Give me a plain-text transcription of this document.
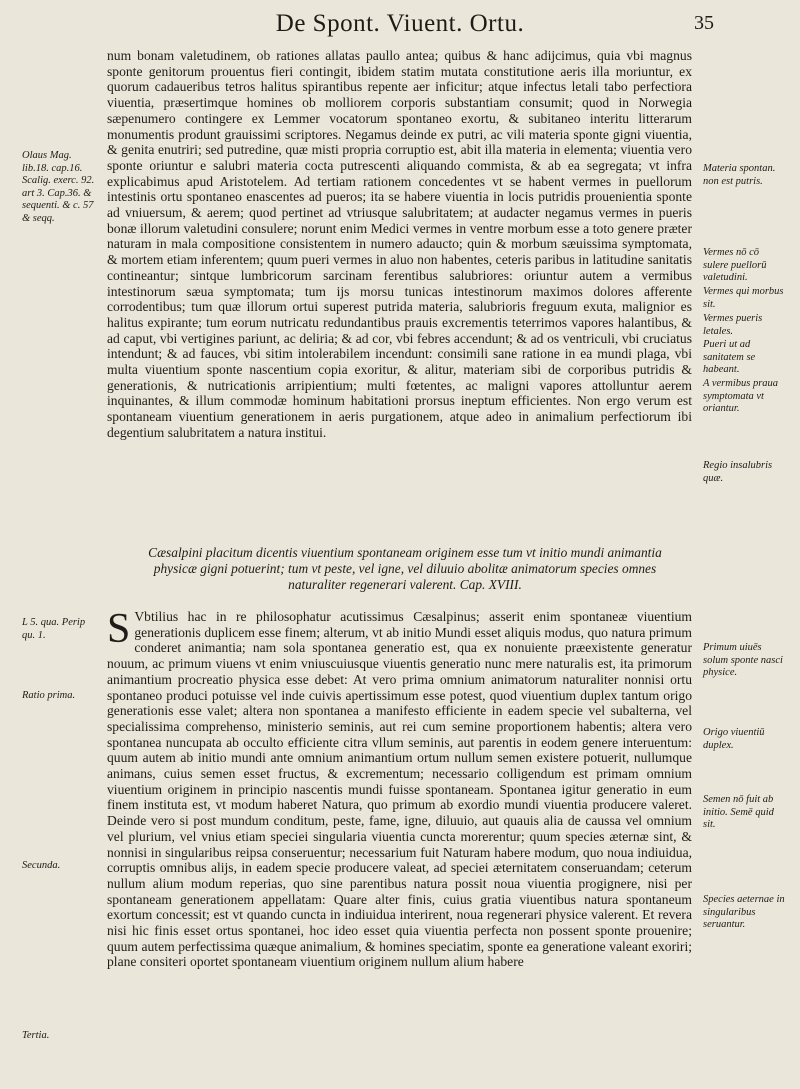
De Spont. Viuent. Ortu.	35

num bonam valetudinem, ob rationes allatas paullo antea; quibus & hanc adijcimus, quia vbi magnus sponte genitorum prouentus fieri contingit, ibidem statim mutata constitutione aeris illa moriuntur, ex quorum cadaueribus tetros halitus spirantibus repente aer inficitur; atque infectus letali tabo perfectiora viuentia, præsertimque homines ob molliorem corporis substantiam consumit; quod in Norwegia sæpenumero contingere ex Lemmer vocatorum spontaneo exortu, & subitaneo interitu litterarum monumentis produnt grauissimi scriptores. Negamus deinde ex putri, ac vili materia sponte gigni viuentia, & genita enutriri; sed putredine, quæ misti propria corruptio est, abit illa materia in elementa; viuentia vero sponte oriuntur e salubri materia cocta putrescenti aliquando commista, & ab ea segregata; vt infra explicabimus apud Aristotelem. Ad tertiam rationem concedentes vt se habent vermes in puellorum intestinis ortu spontaneo enascentes ad pueros; ita se habere viuentia in locis putridis prouenientia sponte ad vniuersum, & aerem; quod pertinet ad vtriusque salubritatem; at audacter negamus vermes in pueris bonæ illorum valetudini consulere; norunt enim Medici vermes in ventre morbum esse a toto genere præter naturam in mala compositione consistentem in numero adaucto; quin & morbum sæuissima symptomata, & mortem etiam inferentem; quum pueri vermes in aluo non habentes, ceteris paribus in latitudine sanitatis contineantur; sintque lumbricorum sarcinam ferentibus salubriores: oriuntur autem a vermibus intestinorum sæua symptomata; tum ijs morsu tunicas intestinorum maximos dolores afferente corrodentibus; tum quæ illorum ortui superest putrida materia, salubrioris freguum exuta, malignior es halitus expirante; tum eorum nutricatu redundantibus prauis excrementis teterrimos vapores halantibus, & ad caput, vbi vertigines pariunt, ac deliria; & ad cor, vbi febres accendunt; & ad os ventriculi, vbi cruciatus intendunt; & ad fauces, vbi sitim intolerabilem incendunt: consimili sane ratione in ea mundi plaga, vbi multa viuentium sponte nascentium copia exoritur, & alitur, materiam sibi de corporibus putridis & generationis, & nutricationis arripientium; multi fœtentes, ac maligni vapores attolluntur aerem inquinantes, & illum commodæ hominum habitationi prorsus ineptum efficientes. Non ergo verum est spontaneam viuentium generationem in aeris purgationem, atque adeo in animalium perfectiorum ibi degentium salubritatem a natura institui.

Cæsalpini placitum dicentis viuentium spontaneam originem esse tum vt initio mundi animantia physicæ gigni potuerint; tum vt peste, vel igne, vel diluuio abolitæ animatorum species omnes naturaliter regenerari valerent. Cap. XVIII.
S Vbtilius hac in re philosophatur acutissimus Cæsalpinus; asserit enim spontaneæ viuentium generationis duplicem esse finem; alterum, vt ab initio Mundi esset aliquis modus, quo natura primum conderet animantia; nam sola spontanea generatio est, qua ex nonuiente præexistente generatur nouum, ac primum viuens vt enim vniuscuiusque viuentis generatio nunc mere naturalis est, ita primorum animantium procreatio physica esse debet: At vero prima omnium animatorum naturaliter nonnisi ortu spontaneo produci potuisse vel inde cuivis apertissimum esse potest, quod viuentium duplex tantum origo generationis esse valet; altera non spontanea a manifesto efficiente in eadem specie vel subalterna, vel specialissima comprehenso, ministerio seminis, aut rei cum semine proportionem habentis; altera vero spontanea nuncupata ab occulto efficiente citra vllum seminis, aut parentis in eodem genere interuentum: quum autem ab initio mundi ante omnium animantium ortum nullum semen existere potuerit, nullumque animans, cuius semen esset fructus, & excrementum; necessario colligendum est primam omnium viuentium originem in principio nascentis mundi fuisse spontaneam. Spontanea igitur generatio in eum finem instituta est, vt modum haberet Natura, quo primum ab exordio mundi viuentia producere valeret. Deinde vero si post mundum conditum, peste, fame, igne, diluuio, aut quauis alia de caussa vel omnium vel plurium, vel vnius etiam speciei singularia viuentia cuncta morerentur; quum species æternæ sint, & nonnisi in singularibus reipsa conseruentur; necessarium fuit Naturam habere modum, quo noua indiuidua, corruptis omnibus alijs, in eadem specie producere valeat, ad speciei æternitatem conseruandam; ceterum nullum alium modum reperias, quo sine parentibus natura possit noua viuentia progignere, nisi per spontaneam generationem appellatam: Quare alter finis, cuius gratia viuentibus natura spontaneum exortum concessit; est vt quando cuncta in indiuidua interirent, noua regenerari physice valerent. Et revera nisi hic finis esset ortus spontanei, hoc ideo esset quia viuentia perfecta non possent sponte prouenire; quum autem perfectissima quæque animalium, & homines speciatim, sponte ea generatione valeant exoriri; plane consiteri oportet spontaneam viuentium originem nullum alium haberе

Olaus Mag. lib.18. cap.16. Scalig. exerc. 92. art 3. Cap.36. & sequenti. & c. 57 & seqq.
L 5. qua. Perip qu. 1.
Ratio prima.
Secunda.
Tertia.
Materia spontan. non est putris.
Vermes nō cō sulere puellorū valetudini.
Vermes qui morbus sit.
Vermes pueris letales.
Pueri ut ad sanitatem se habeant.
A vermibus praua symptomata vt oriantur.
Regio insalubris quæ.
Primum uiuēs solum sponte nasci physice.
Origo viuentiū duplex.
Semen nō fuit ab initio. Semē quid sit.
Species aeternae in singularibus seruantur.
